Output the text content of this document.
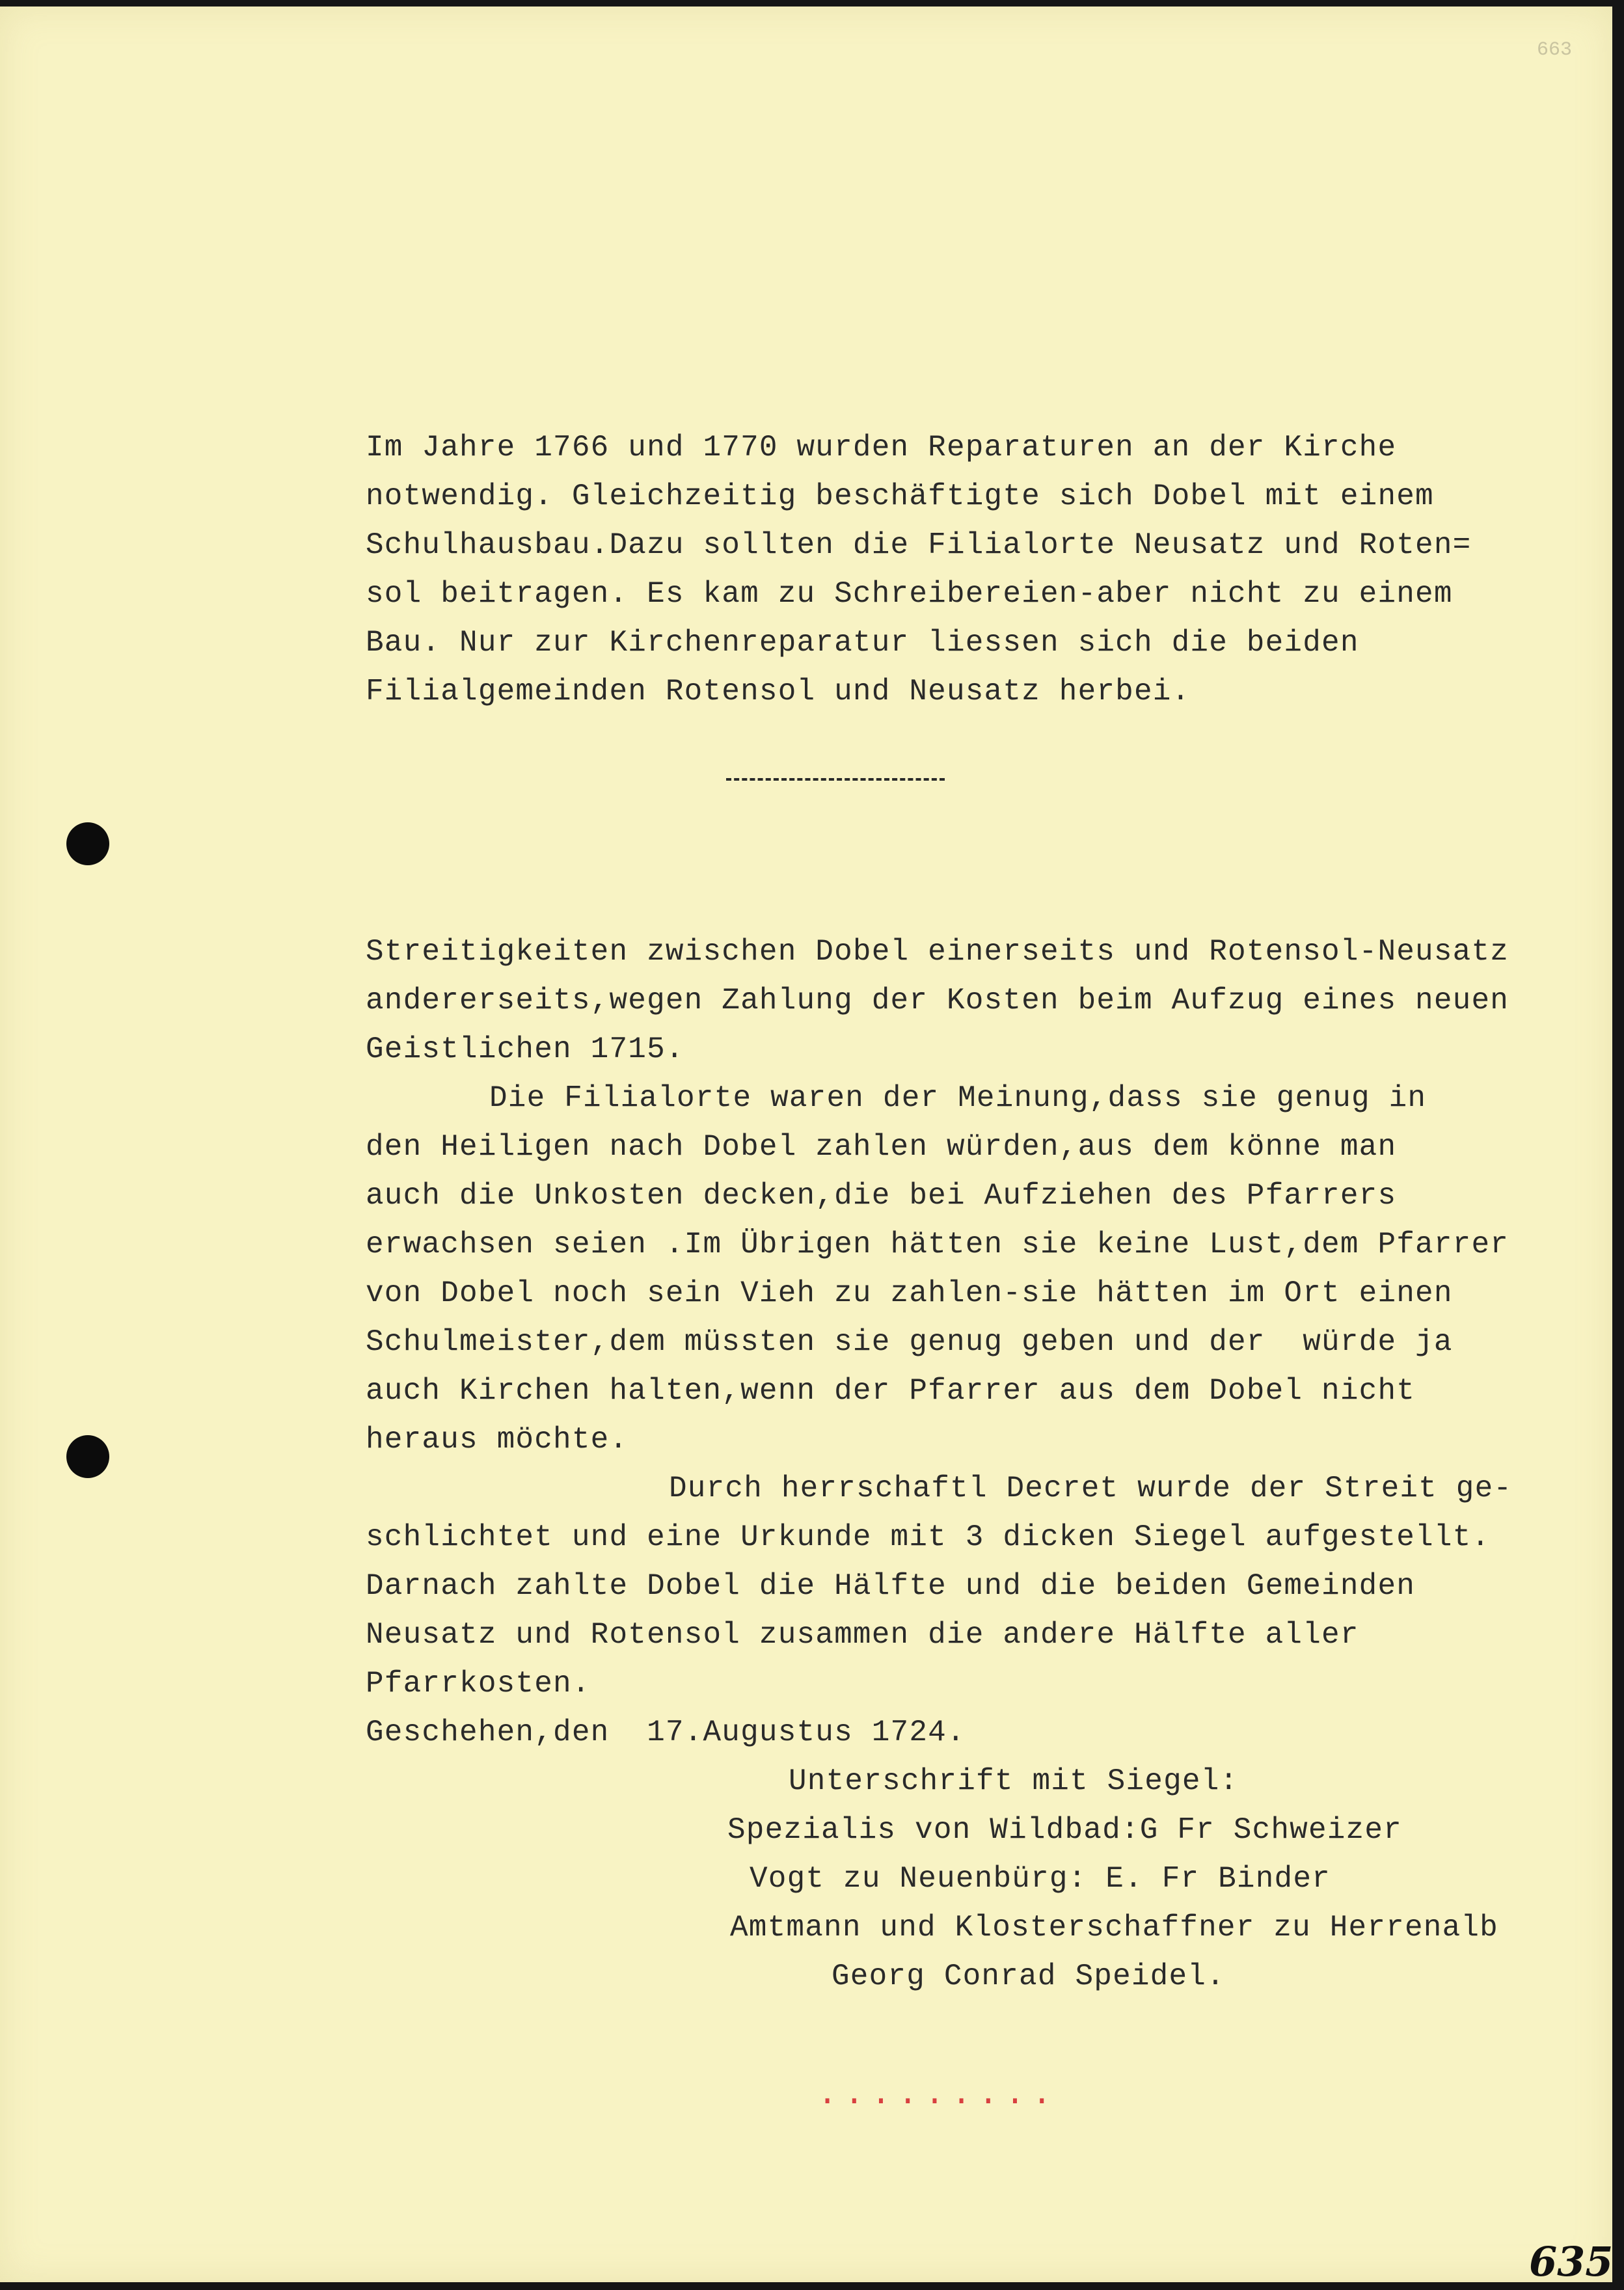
663
Im Jahre 1766 und 1770 wurden Reparaturen an der Kirche
notwendig. Gleichzeitig beschäftigte sich Dobel mit einem
Schulhausbau.Dazu sollten die Filialorte Neusatz und Roten=
sol beitragen. Es kam zu Schreibereien-aber nicht zu einem
Bau. Nur zur Kirchenreparatur liessen sich die beiden
Filialgemeinden Rotensol und Neusatz herbei.
Streitigkeiten zwischen Dobel einerseits und Rotensol-Neusatz
andererseits,wegen Zahlung der Kosten beim Aufzug eines neuen
Geistlichen 1715.
Die Filialorte waren der Meinung,dass sie genug in
den Heiligen nach Dobel zahlen würden,aus dem könne man
auch die Unkosten decken,die bei Aufziehen des Pfarrers
erwachsen seien .Im Übrigen hätten sie keine Lust,dem Pfarrer
von Dobel noch sein Vieh zu zahlen-sie hätten im Ort einen
Schulmeister,dem müssten sie genug geben und der  würde ja
auch Kirchen halten,wenn der Pfarrer aus dem Dobel nicht
heraus möchte.
Durch herrschaftl Decret wurde der Streit ge-
schlichtet und eine Urkunde mit 3 dicken Siegel aufgestellt.
Darnach zahlte Dobel die Hälfte und die beiden Gemeinden
Neusatz und Rotensol zusammen die andere Hälfte aller
Pfarrkosten.
Geschehen,den  17.Augustus 1724.
Unterschrift mit Siegel:
Spezialis von Wildbad:G Fr Schweizer
Vogt zu Neuenbürg: E. Fr Binder
Amtmann und Klosterschaffner zu Herrenalb
Georg Conrad Speidel.
.........
635
